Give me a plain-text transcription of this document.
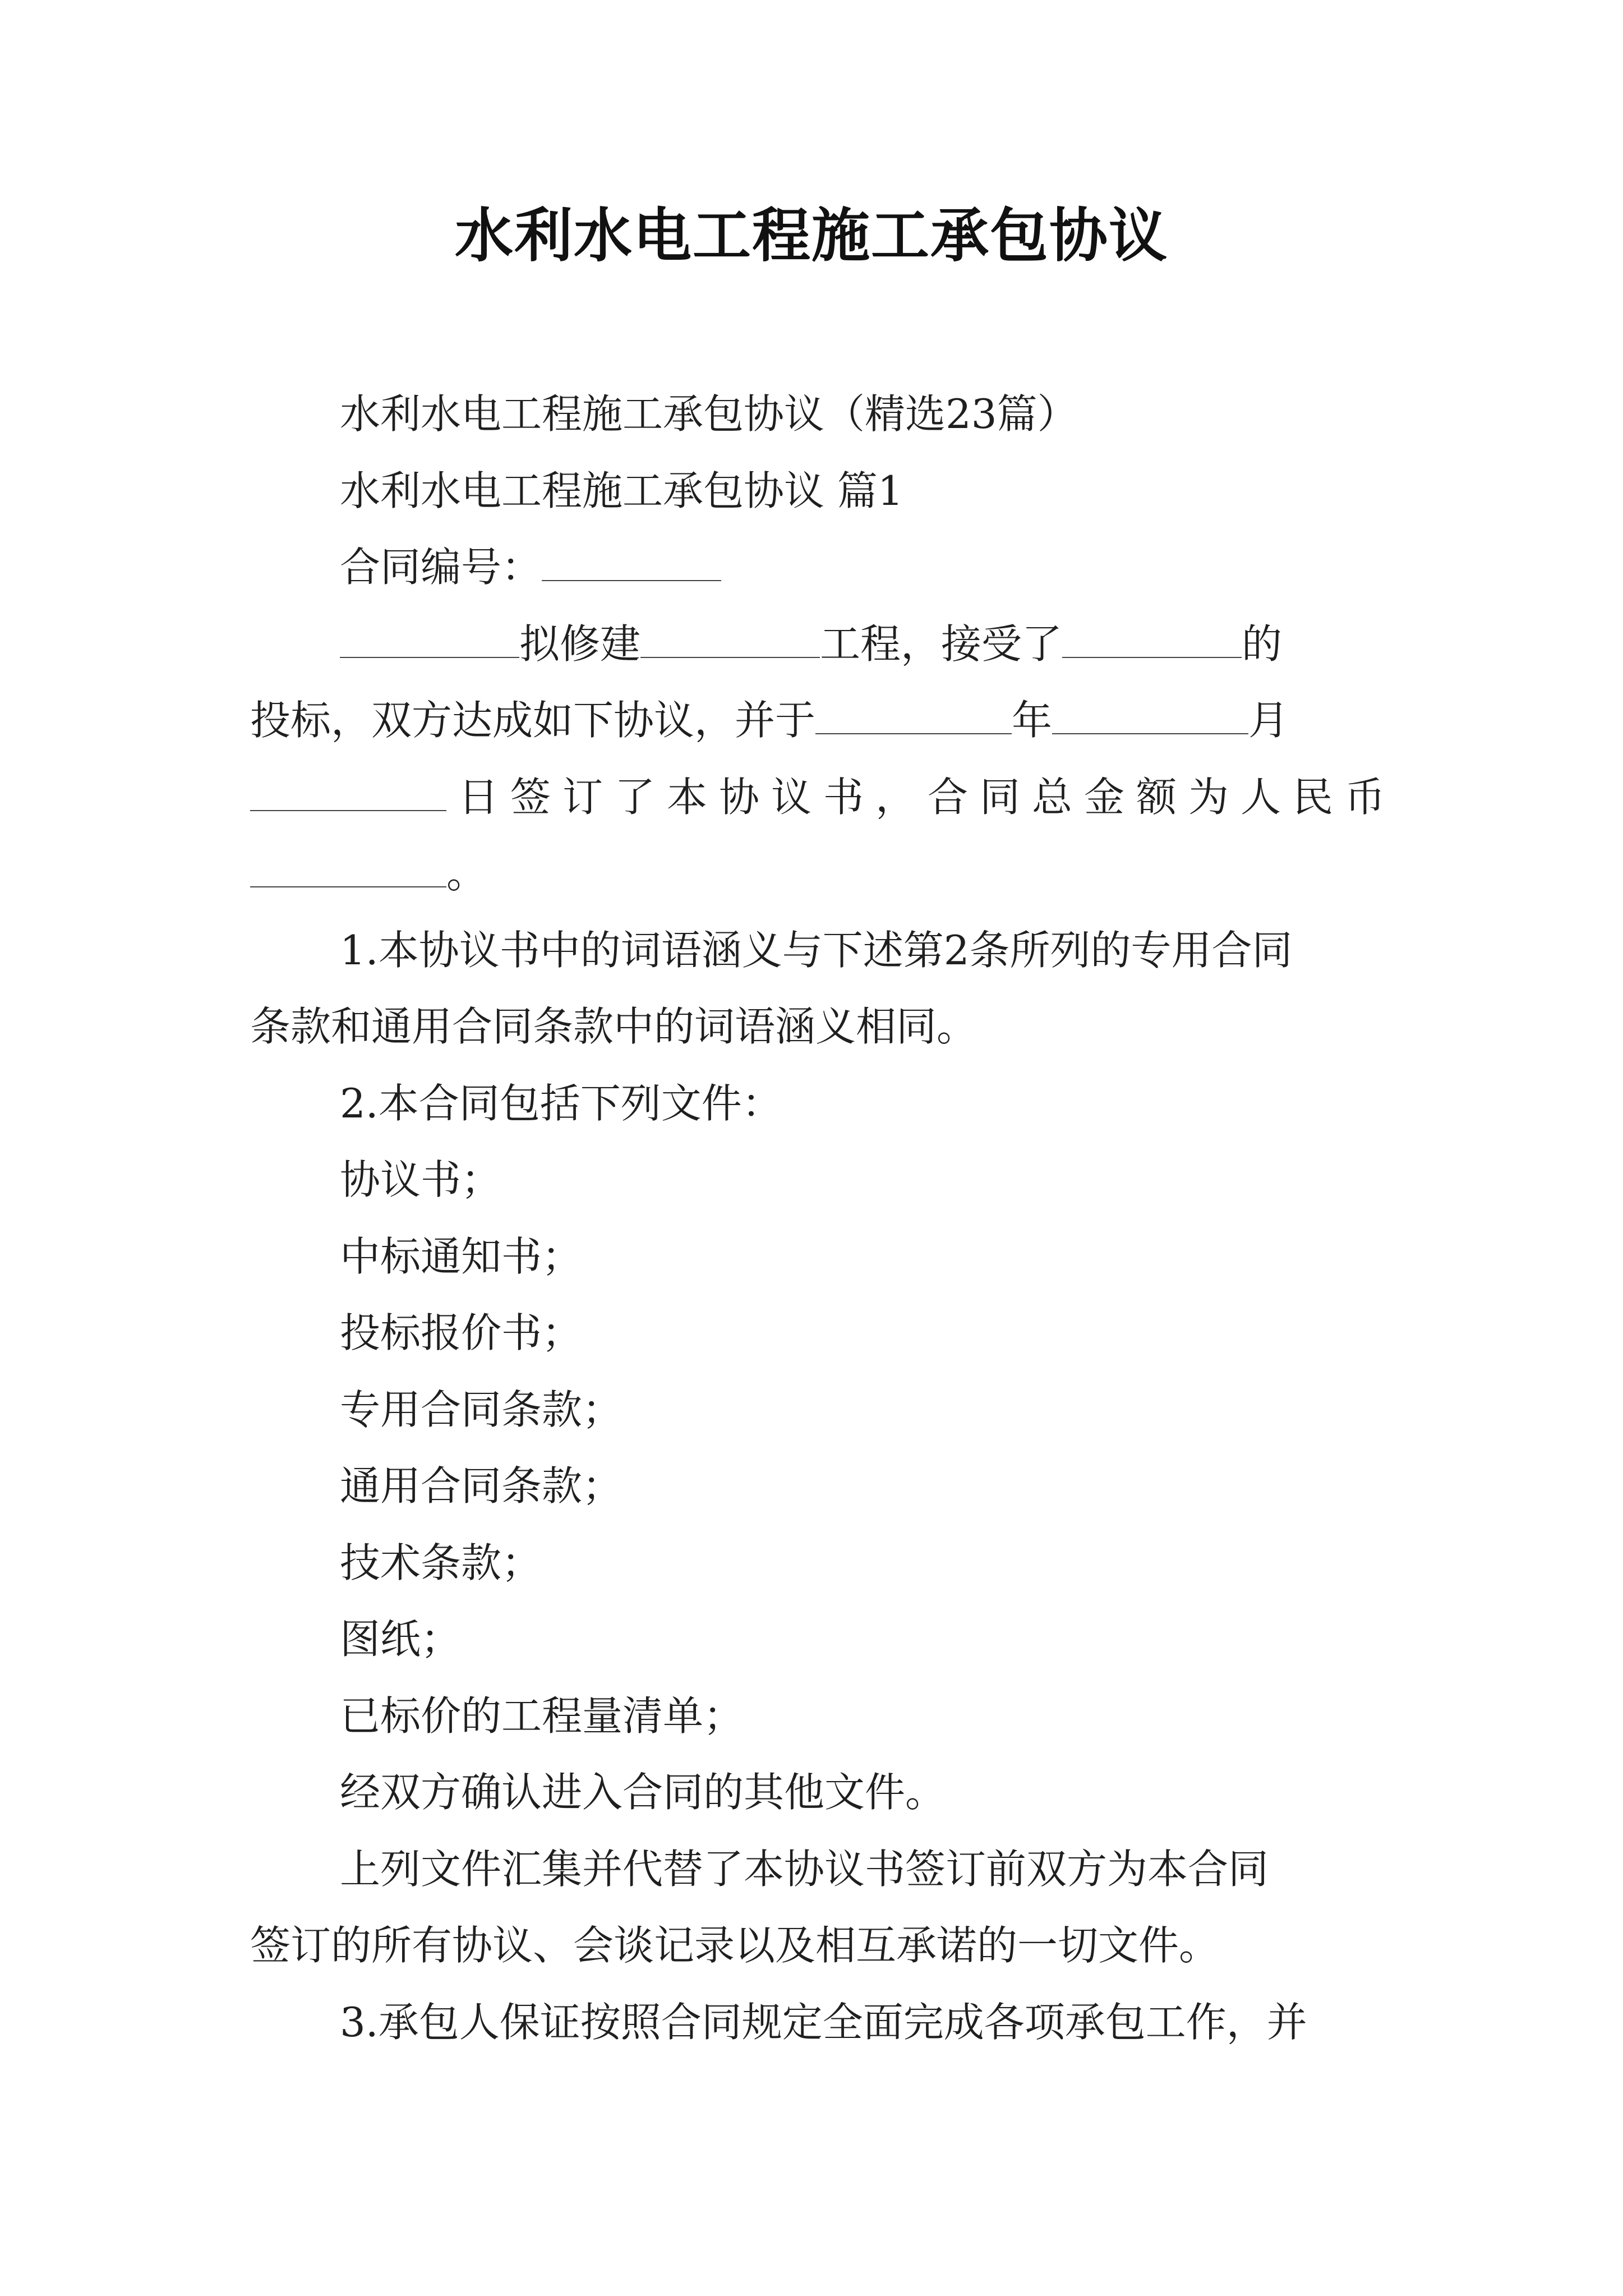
水利水电工程施工承包协议

水利水电工程施工承包协议（精选23篇）

水利水电工程施工承包协议 篇1

合同编号：

拟修建	工程，接受了	的

投标，双方达成如下协议，并于	年	月

日签订了本协议书，合同总金额为人民币

。

1.本协议书中的词语涵义与下述第2条所列的专用合同

条款和通用合同条款中的词语涵义相同。

2.本合同包括下列文件：

协议书；

中标通知书；

投标报价书；

专用合同条款；

通用合同条款；

技术条款；

图纸；

已标价的工程量清单；

经双方确认进入合同的其他文件。

上列文件汇集并代替了本协议书签订前双方为本合同

签订的所有协议、会谈记录以及相互承诺的一切文件。

3.承包人保证按照合同规定全面完成各项承包工作，并
